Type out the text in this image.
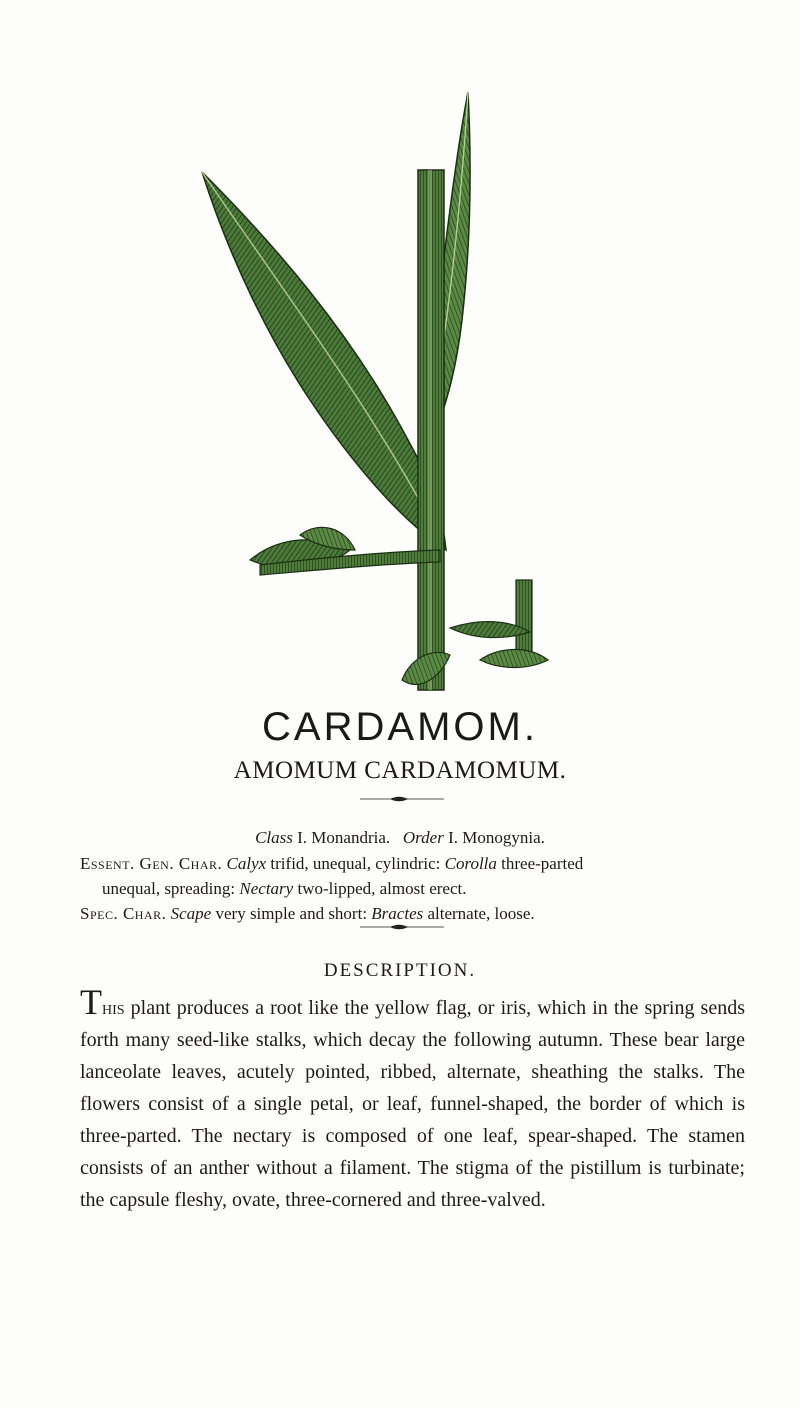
CARDAMOM.
AMOMUM CARDAMOMUM.
Class I. Monandria. Order I. Monogynia.
Essent. Gen. Char. Calyx trifid, unequal, cylindric: Corolla three-parted
unequal, spreading: Nectary two-lipped, almost erect.
Spec. Char. Scape very simple and short: Bractes alternate, loose.
DESCRIPTION.
This plant produces a root like the yellow flag, or iris, which in the spring sends forth many seed-like stalks, which decay the following autumn. These bear large lanceolate leaves, acutely pointed, ribbed, alternate, sheathing the stalks. The flowers consist of a single petal, or leaf, funnel-shaped, the border of which is three-parted. The nectary is composed of one leaf, spear-shaped. The stamen consists of an anther without a filament. The stigma of the pistillum is turbinate; the capsule fleshy, ovate, three-cornered and three-valved.
